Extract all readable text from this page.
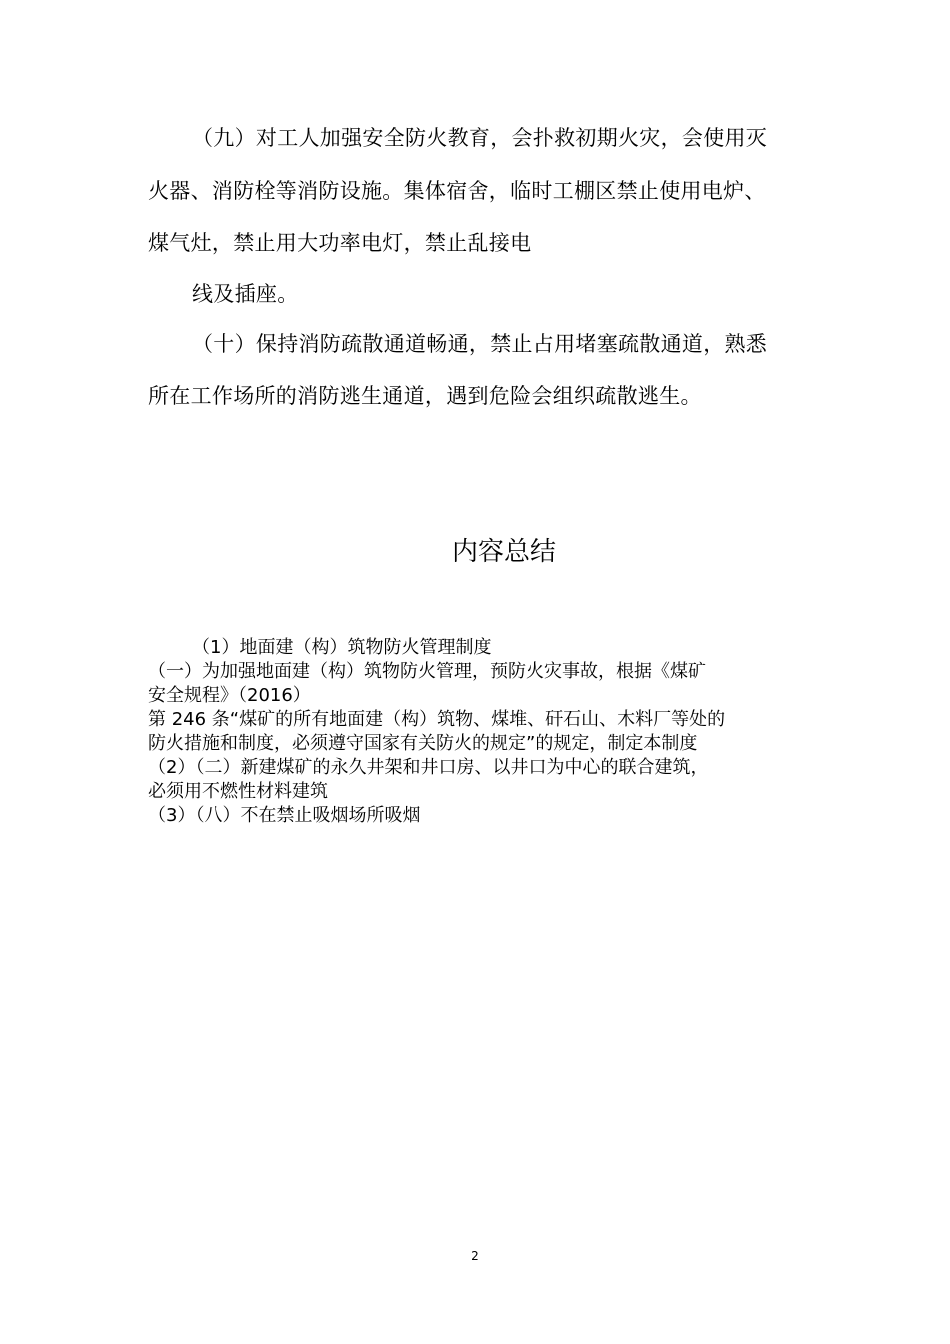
（九）对工人加强安全防火教育，会扑救初期火灾，会使用灭
火器、消防栓等消防设施。集体宿舍，临时工棚区禁止使用电炉、
煤气灶，禁止用大功率电灯，禁止乱接电
线及插座。
（十）保持消防疏散通道畅通，禁止占用堵塞疏散通道，熟悉
所在工作场所的消防逃生通道，遇到危险会组织疏散逃生。
内容总结
（1）地面建（构）筑物防火管理制度
（一）为加强地面建（构）筑物防火管理，预防火灾事故，根据《煤矿
安全规程》（2016）
第 246 条“煤矿的所有地面建（构）筑物、煤堆、矸石山、木料厂等处的
防火措施和制度，必须遵守国家有关防火的规定”的规定，制定本制度
（2）（二）新建煤矿的永久井架和井口房、以井口为中心的联合建筑，
必须用不燃性材料建筑
（3）（八）不在禁止吸烟场所吸烟
2
